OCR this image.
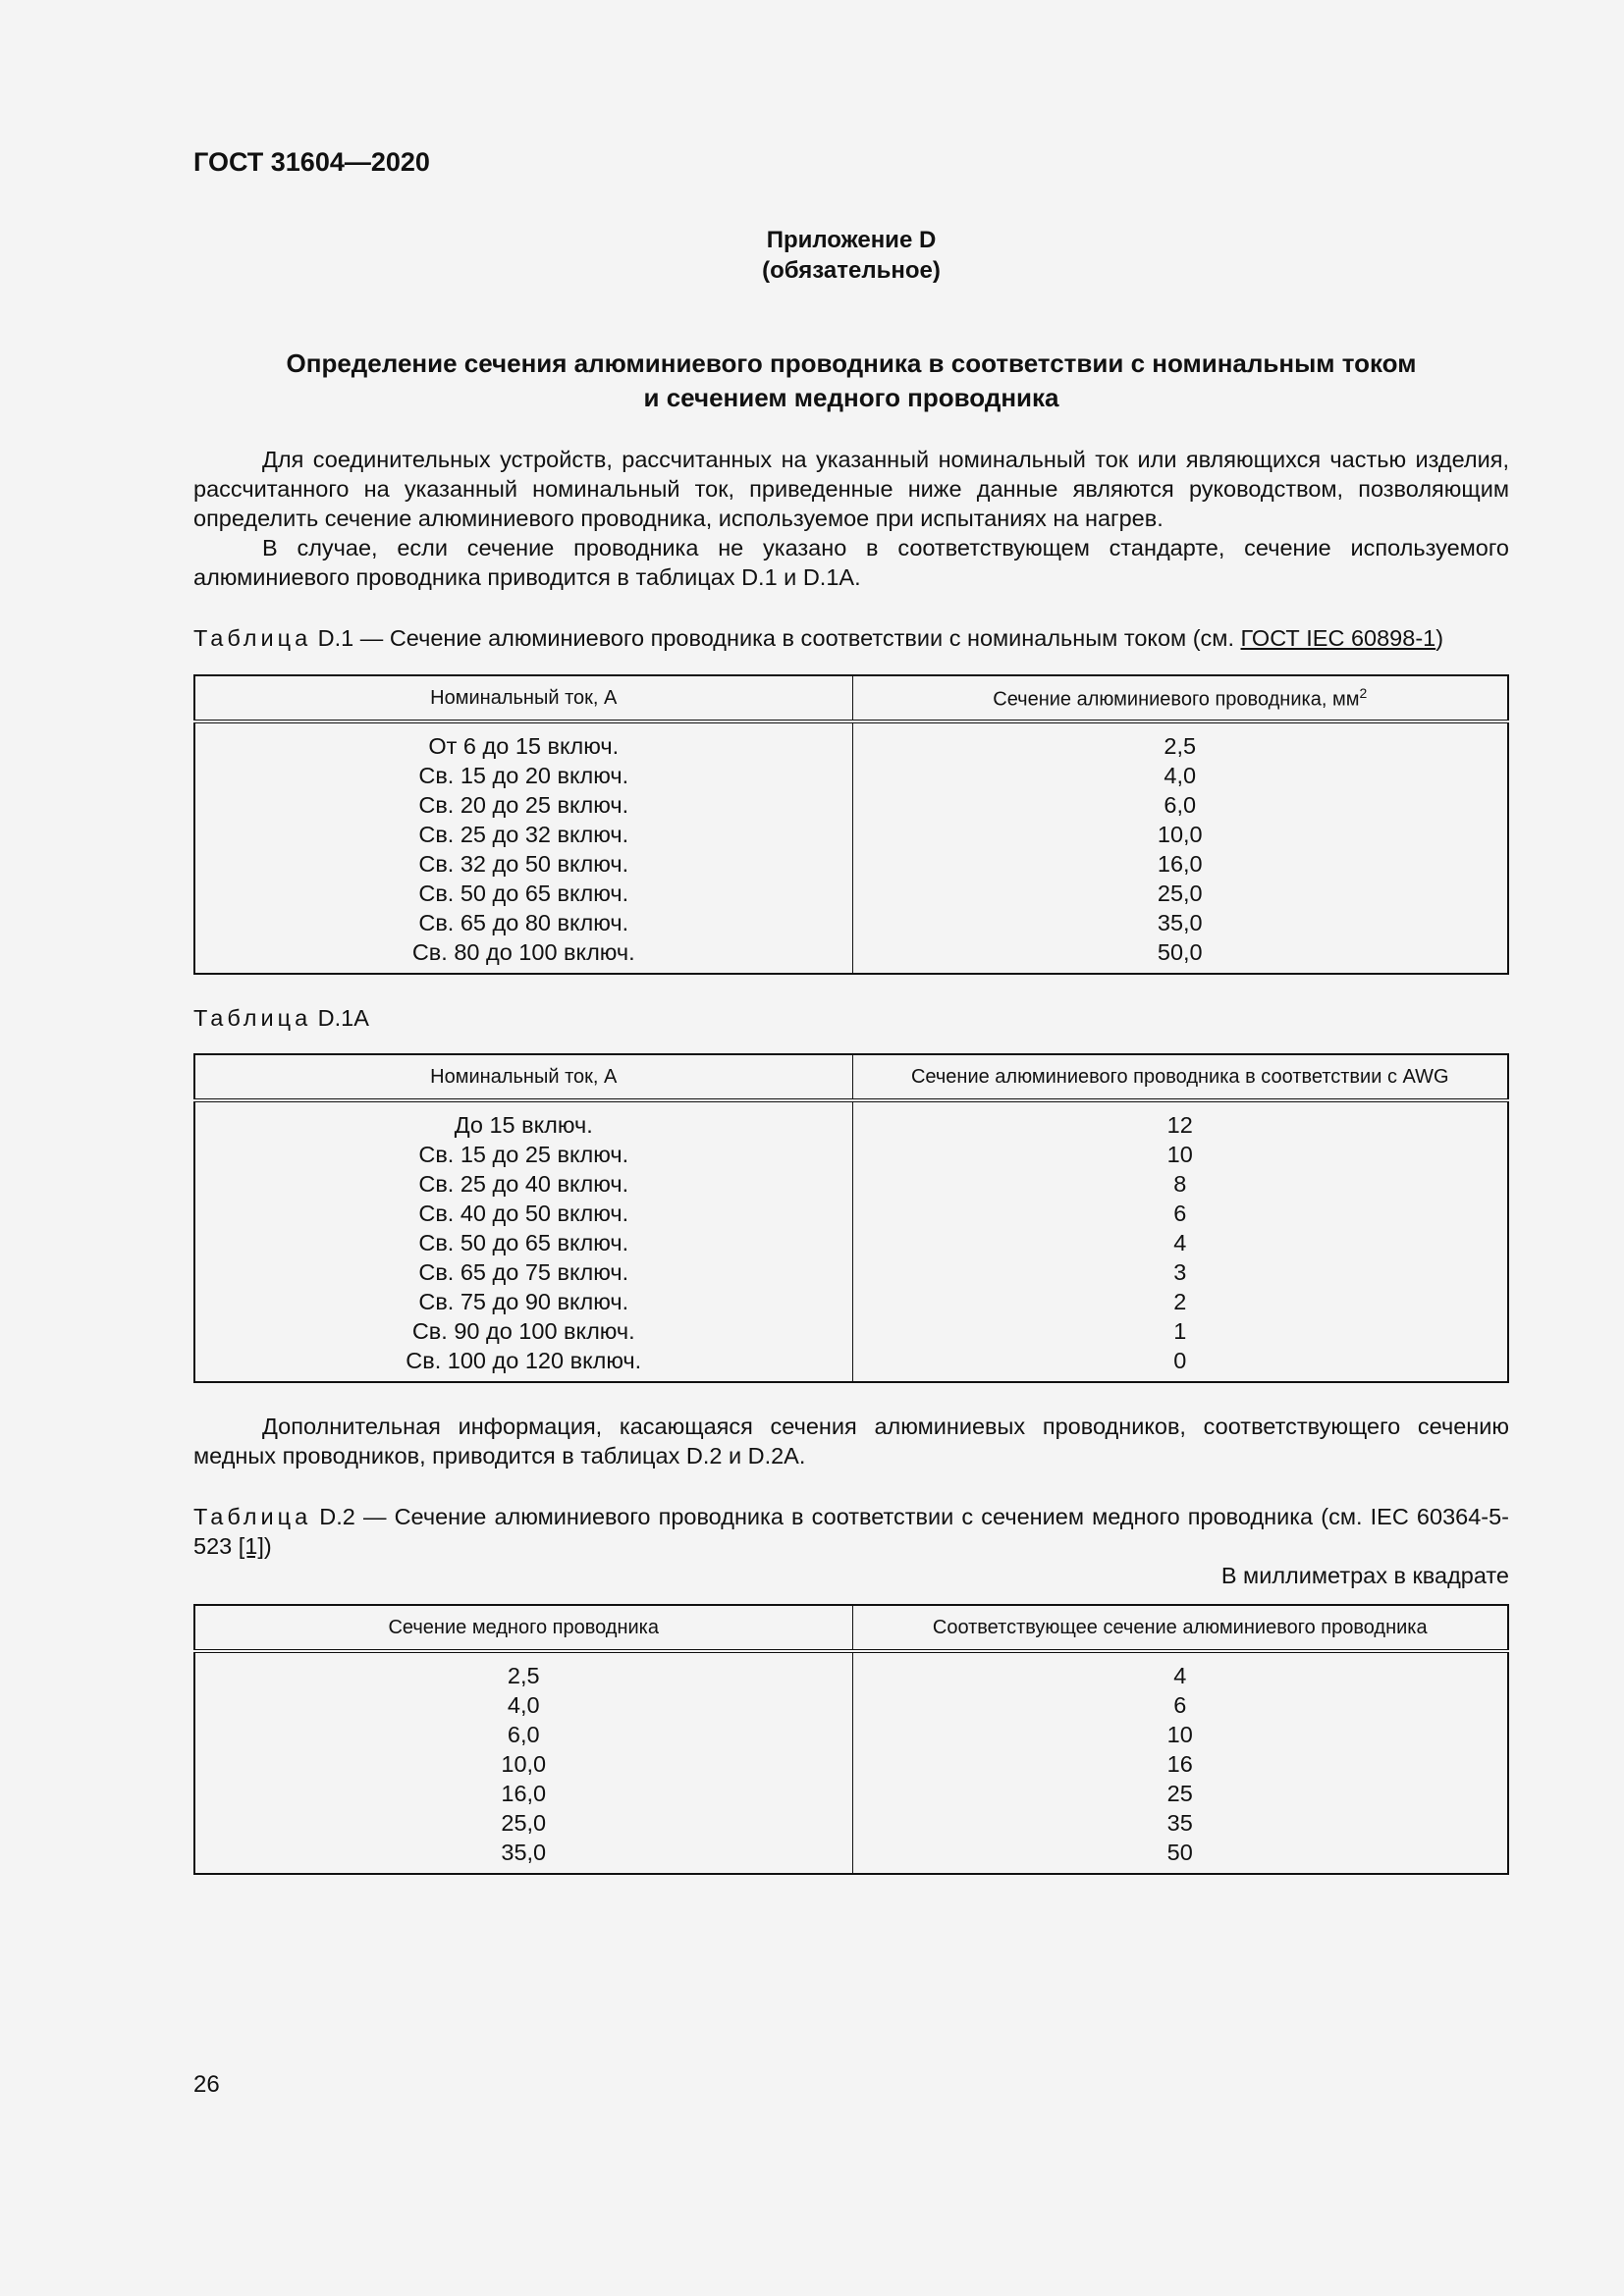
ГОСТ 31604—2020

Приложение D
(обязательное)
Определение сечения алюминиевого проводника в соответствии с номинальным током
и сечением медного проводника

Для соединительных устройств, рассчитанных на указанный номинальный ток или являющихся частью изделия, рассчитанного на указанный номинальный ток, приведенные ниже данные являются руководством, позволяющим определить сечение алюминиевого проводника, используемое при испытаниях на нагрев.

В случае, если сечение проводника не указано в соответствующем стандарте, сечение используемого алюминиевого проводника приводится в таблицах D.1 и D.1A.

Таблица D.1 — Сечение алюминиевого проводника в соответствии с номинальным током (см. ГОСТ IEC 60898-1)

Номинальный ток, А	Сечение алюминиевого проводника, $мм^2$
От 6 до 15 включ.	2,5
Св. 15 до 20 включ.	4,0
Св. 20 до 25 включ.	6,0
Св. 25 до 32 включ.	10,0
Св. 32 до 50 включ.	16,0
Св. 50 до 65 включ.	25,0
Св. 65 до 80 включ.	35,0
Св. 80 до 100 включ.	50,0

Таблица D.1A

Номинальный ток, А	Сечение алюминиевого проводника в соответствии с AWG
До 15 включ.	12
Св. 15 до 25 включ.	10
Св. 25 до 40 включ.	8
Св. 40 до 50 включ.	6
Св. 50 до 65 включ.	4
Св. 65 до 75 включ.	3
Св. 75 до 90 включ.	2
Св. 90 до 100 включ.	1
Св. 100 до 120 включ.	0

Дополнительная информация, касающаяся сечения алюминиевых проводников, соответствующего сечению медных проводников, приводится в таблицах D.2 и D.2A.

Таблица D.2 — Сечение алюминиевого проводника в соответствии с сечением медного проводника (см. IEC 60364-5-523 [1])

В миллиметрах в квадрате
Сечение медного проводника	Соответствующее сечение алюминиевого проводника
2,5	4
4,0	6
6,0	10
10,0	16
16,0	25
25,0	35
35,0	50

26
